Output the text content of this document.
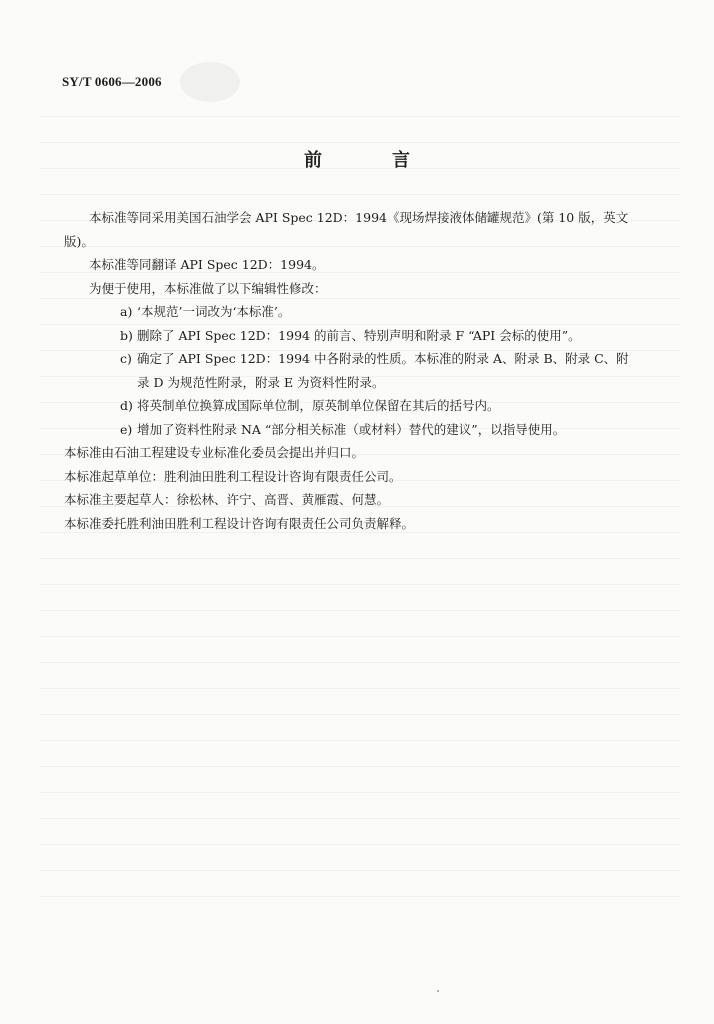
SY/T 0606—2006
前　言

本标准等同采用美国石油学会 API Spec 12D：1994《现场焊接液体储罐规范》(第 10 版，英文版)。

本标准等同翻译 API Spec 12D：1994。

为便于使用，本标准做了以下编辑性修改：

a) ‘本规范’一词改为‘本标准’。

b) 删除了 API Spec 12D：1994 的前言、特别声明和附录 F “API 会标的使用”。

c) 确定了 API Spec 12D：1994 中各附录的性质。本标准的附录 A、附录 B、附录 C、附录 D 为规范性附录，附录 E 为资料性附录。

d) 将英制单位换算成国际单位制，原英制单位保留在其后的括号内。

e) 增加了资料性附录 NA “部分相关标准（或材料）替代的建议”，以指导使用。

本标准由石油工程建设专业标准化委员会提出并归口。

本标准起草单位：胜利油田胜利工程设计咨询有限责任公司。

本标准主要起草人：徐松林、许宁、高晋、黄雁霞、何慧。

本标准委托胜利油田胜利工程设计咨询有限责任公司负责解释。
